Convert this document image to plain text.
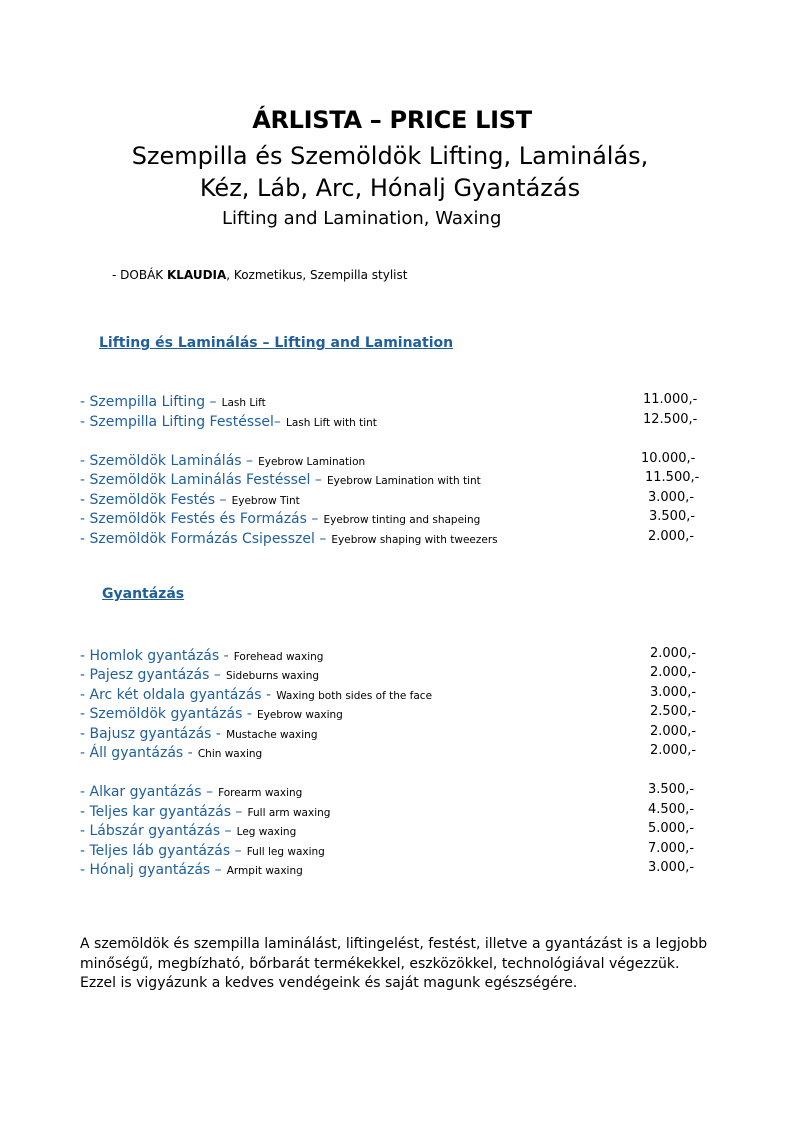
ÁRLISTA – PRICE LIST
Szempilla és Szemöldök Lifting, Laminálás,
Kéz, Láb, Arc, Hónalj Gyantázás
Lifting and Lamination, Waxing
- DOBÁK KLAUDIA, Kozmetikus, Szempilla stylist
Lifting és Laminálás – Lifting and Lamination
- Szempilla Lifting – Lash Lift	11.000,-
- Szempilla Lifting Festéssel– Lash Lift with tint	12.500,-
- Szemöldök Laminálás – Eyebrow Lamination	10.000,-
- Szemöldök Laminálás Festéssel – Eyebrow Lamination with tint	11.500,-
- Szemöldök Festés – Eyebrow Tint	3.000,-
- Szemöldök Festés és Formázás – Eyebrow tinting and shapeing	3.500,-
- Szemöldök Formázás Csipesszel – Eyebrow shaping with tweezers	2.000,-
Gyantázás
- Homlok gyantázás - Forehead waxing	2.000,-
- Pajesz gyantázás – Sideburns waxing	2.000,-
- Arc két oldala gyantázás - Waxing both sides of the face	3.000,-
- Szemöldök gyantázás - Eyebrow waxing	2.500,-
- Bajusz gyantázás - Mustache waxing	2.000,-
- Áll gyantázás - Chin waxing	2.000,-
- Alkar gyantázás – Forearm waxing	3.500,-
- Teljes kar gyantázás – Full arm waxing	4.500,-
- Lábszár gyantázás – Leg waxing	5.000,-
- Teljes láb gyantázás – Full leg waxing	7.000,-
- Hónalj gyantázás – Armpit waxing	3.000,-
A szemöldök és szempilla laminálást, liftingelést, festést, illetve a gyantázást is a legjobb
minőségű, megbízható, bőrbarát termékekkel, eszközökkel, technológiával végezzük.
Ezzel is vigyázunk a kedves vendégeink és saját magunk egészségére.
